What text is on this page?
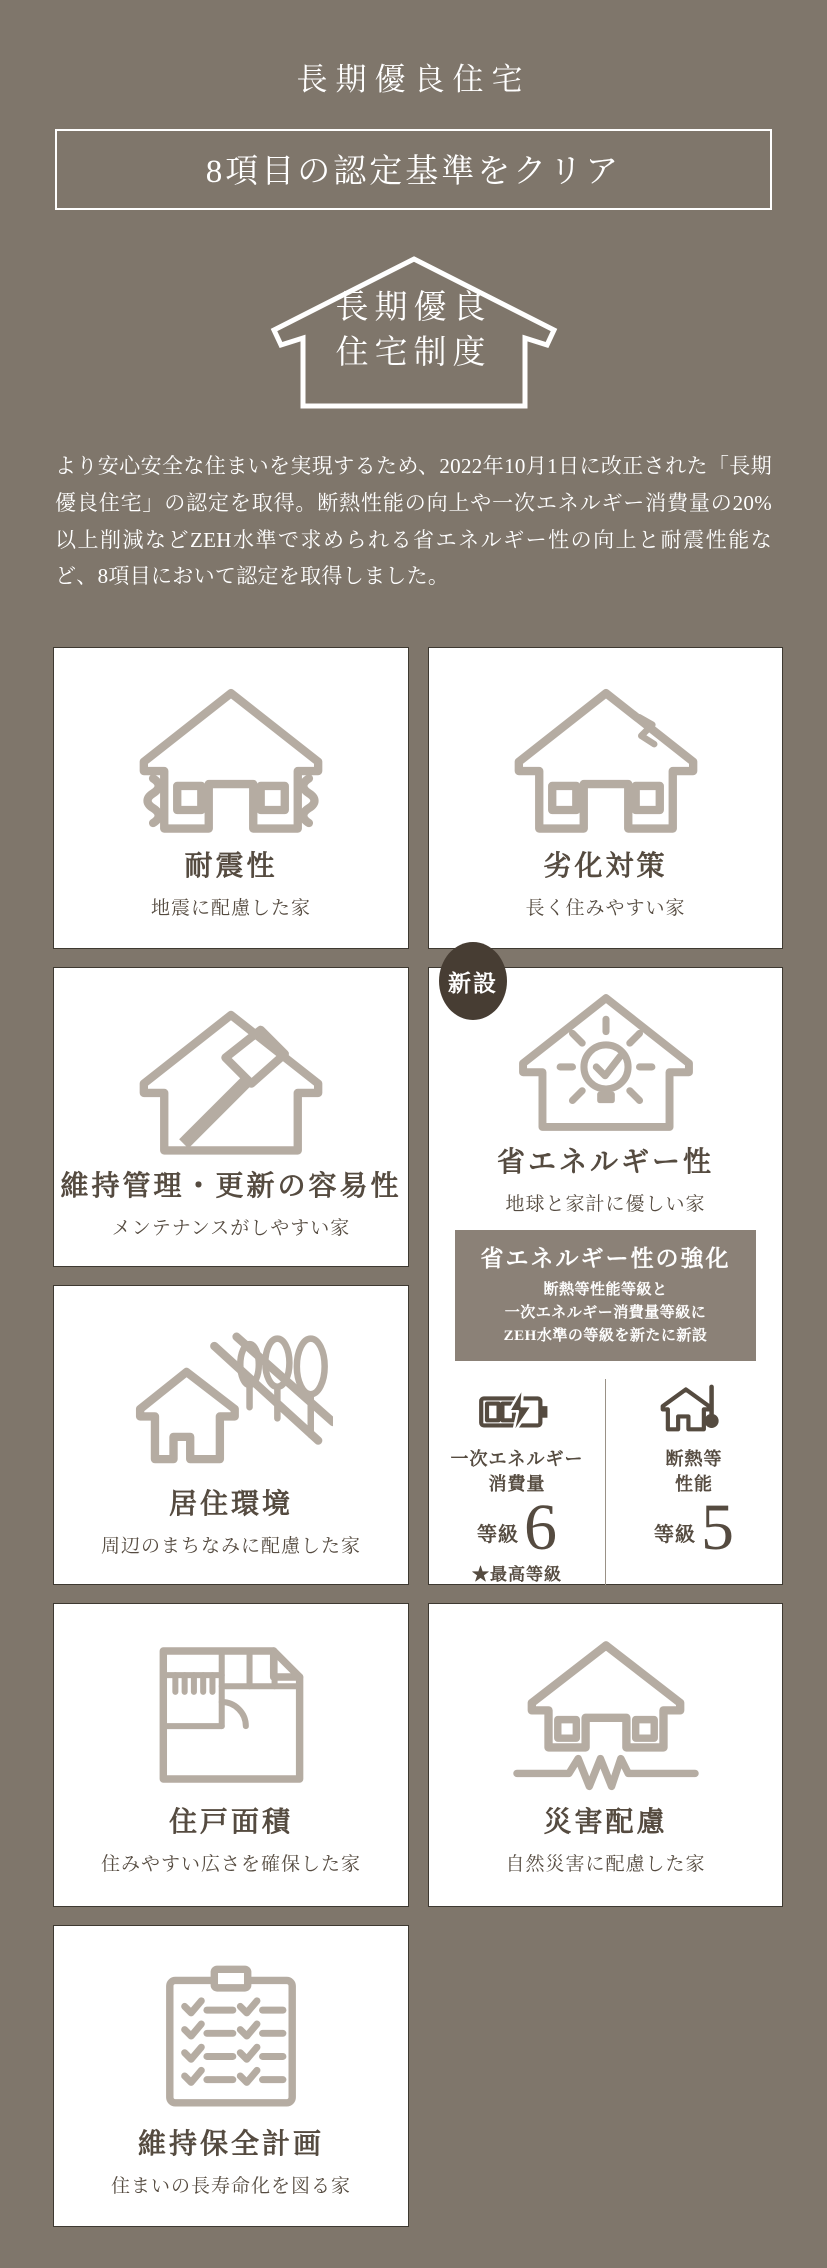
長期優良住宅
8項目の認定基準をクリア
長期優良
住宅制度

より安心安全な住まいを実現するため、2022年10月1日に改正された「長期優良住宅」の認定を取得。断熱性能の向上や一次エネルギー消費量の20%以上削減などZEH水準で求められる省エネルギー性の向上と耐震性能など、8項目において認定を取得しました。

耐震性
地震に配慮した家
劣化対策
長く住みやすい家
維持管理・更新の容易性
メンテナンスがしやすい家
新設
省エネルギー性
地球と家計に優しい家
省エネルギー性の強化
断熱等性能等級と
一次エネルギー消費量等級に
ZEH水準の等級を新たに新設
一次エネルギー
消費量
等級 6
★最高等級
断熱等
性能
等級 5
居住環境
周辺のまちなみに配慮した家
住戸面積
住みやすい広さを確保した家
災害配慮
自然災害に配慮した家
維持保全計画
住まいの長寿命化を図る家
